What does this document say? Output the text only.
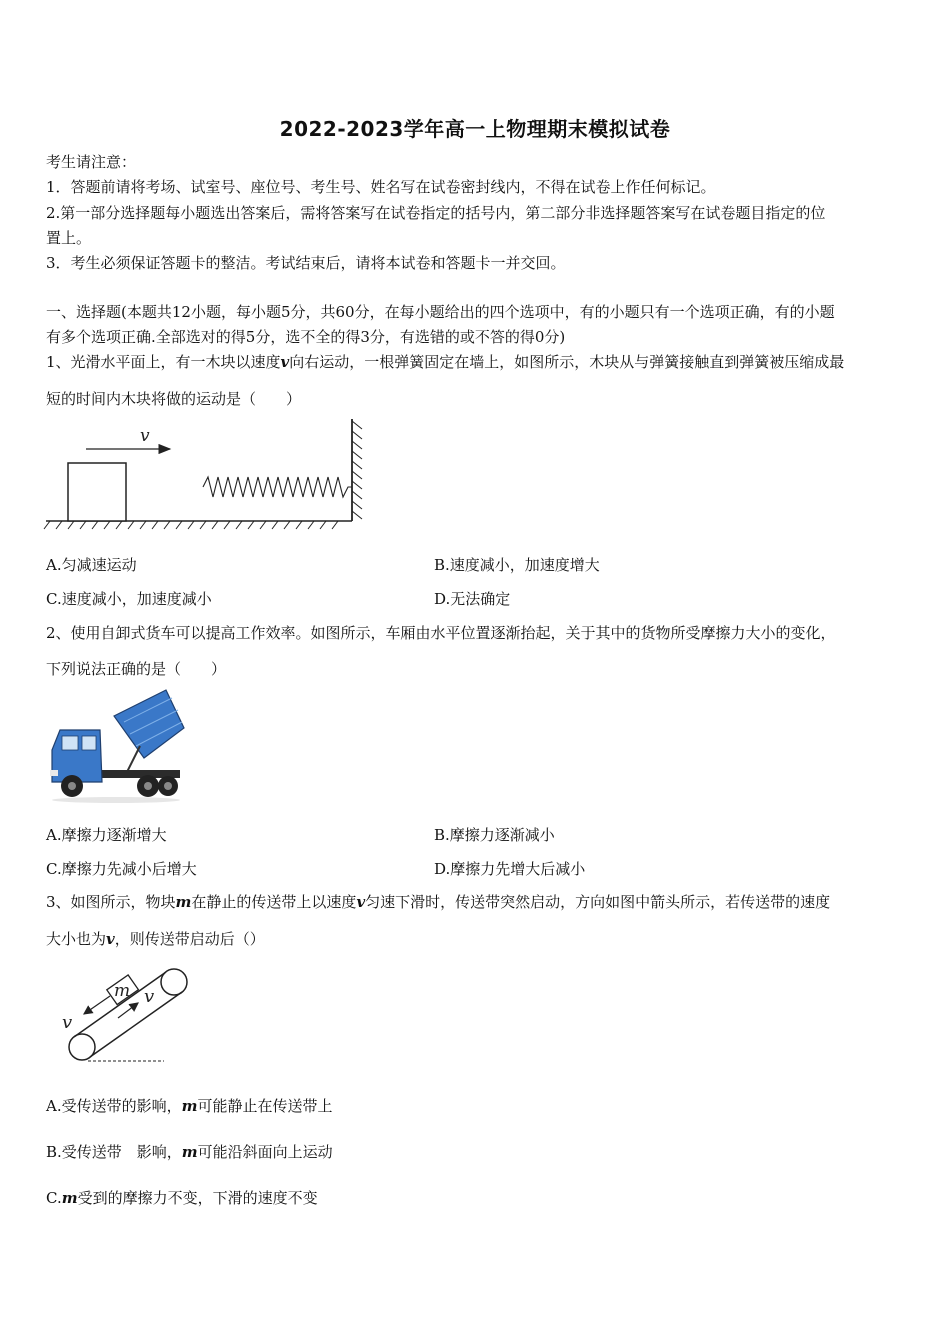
2022-2023学年高一上物理期末模拟试卷
考生请注意：
1．答题前请将考场、试室号、座位号、考生号、姓名写在试卷密封线内，不得在试卷上作任何标记。
2.第一部分选择题每小题选出答案后，需将答案写在试卷指定的括号内，第二部分非选择题答案写在试卷题目指定的位
置上。
3．考生必须保证答题卡的整洁。考试结束后，请将本试卷和答题卡一并交回。
一、选择题(本题共12小题，每小题5分，共60分，在每小题给出的四个选项中，有的小题只有一个选项正确，有的小题
有多个选项正确.全部选对的得5分，选不全的得3分，有选错的或不答的得0分)
1、光滑水平面上，有一木块以速度v向右运动，一根弹簧固定在墙上，如图所示，木块从与弹簧接触直到弹簧被压缩成最
短的时间内木块将做的运动是（　　）
v
A.匀减速运动	B.速度减小，加速度增大
C.速度减小，加速度减小	D.无法确定
2、使用自卸式货车可以提高工作效率。如图所示，车厢由水平位置逐渐抬起，关于其中的货物所受摩擦力大小的变化，
下列说法正确的是（　　）
A.摩擦力逐渐增大	B.摩擦力逐渐减小
C.摩擦力先减小后增大	D.摩擦力先增大后减小
3、如图所示，物块m在静止的传送带上以速度v匀速下滑时，传送带突然启动，方向如图中箭头所示，若传送带的速度
大小也为v，则传送带启动后（）
m
v
v
A.受传送带的影响，m可能静止在传送带上
B.受传送带　影响，m可能沿斜面向上运动
C.m受到的摩擦力不变，下滑的速度不变
